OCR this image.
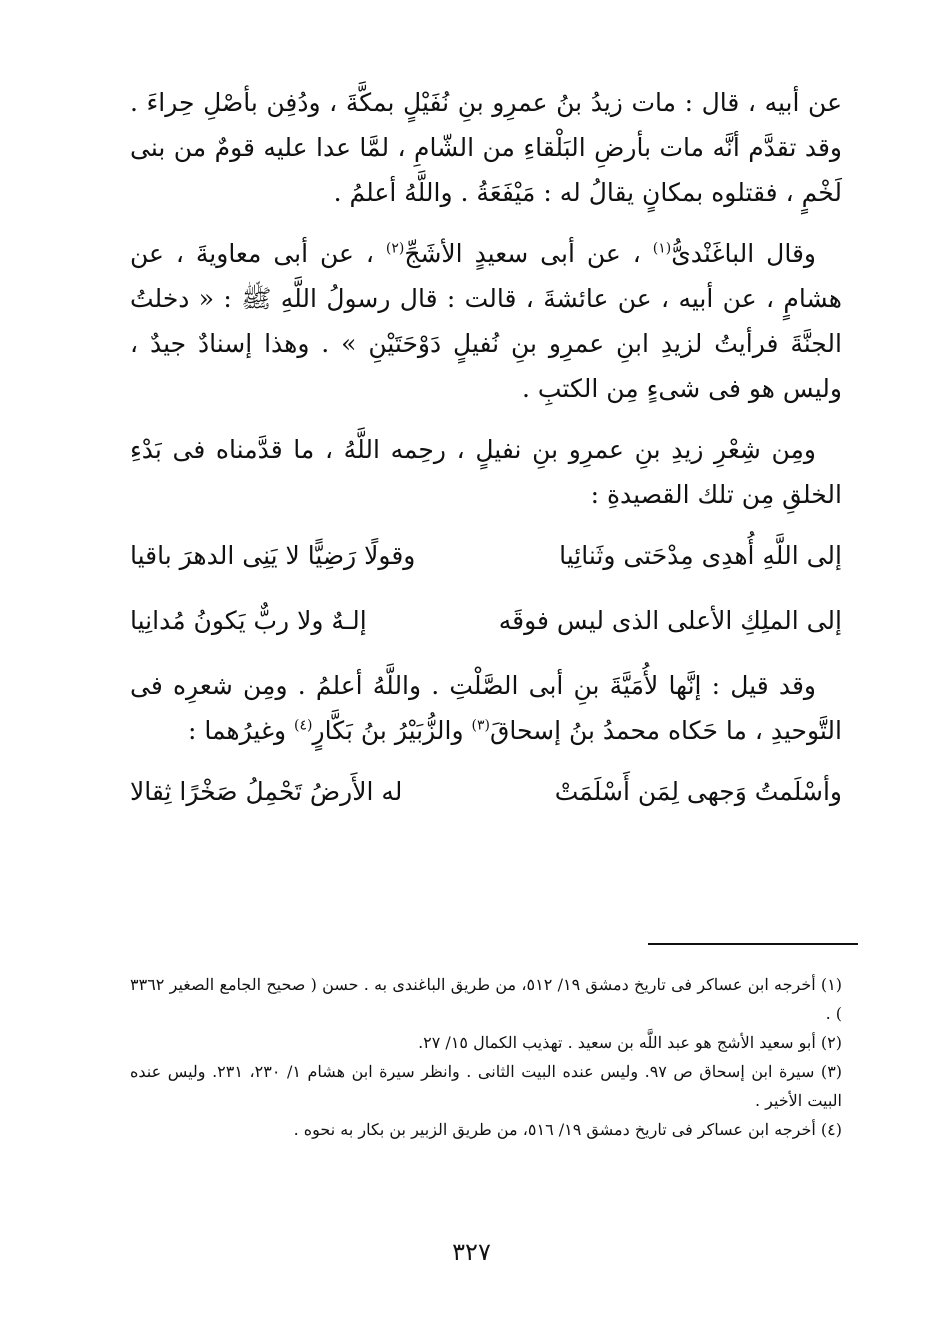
عن أبيه ، قال : مات زيدُ بنُ عمرِو بنِ نُفَيْلٍ بمكَّةَ ، ودُفِن بأصْلِ حِراءَ . وقد تقدَّم أنَّه مات بأرضِ البَلْقاءِ من الشّامِ ، لمَّا عدا عليه قومٌ من بنى لَخْمٍ ، فقتلوه بمكانٍ يقالُ له : مَيْفَعَةُ . واللَّهُ أعلمُ .

وقال الباغَنْدىُّ$^{(١)}$ ، عن أبى سعيدٍ الأشَجِّ$^{(٢)}$ ، عن أبى معاويةَ ، عن هشامٍ ، عن أبيه ، عن عائشةَ ، قالت : قال رسولُ اللَّهِ ﷺ : « دخلتُ الجنَّةَ فرأيتُ لزيدِ ابنِ عمرِو بنِ نُفيلٍ دَوْحَتَيْنِ » . وهذا إسنادٌ جيدٌ ، وليس هو فى شىءٍ مِن الكتبِ .

ومِن شِعْرِ زيدِ بنِ عمرِو بنِ نفيلٍ ، رحِمه اللَّهُ ، ما قدَّمناه فى بَدْءِ الخلقِ مِن تلك القصيدةِ :

إلى اللَّهِ أُهدِى مِدْحَتى وثَنائِيا
وقولًا رَضِيًّا لا يَنِى الدهرَ باقيا
إلى الملِكِ الأعلى الذى ليس فوقَه
إلـهٌ ولا ربٌّ يَكونُ مُدانِيا

وقد قيل : إنَّها لأُمَيَّةَ بنِ أبى الصَّلْتِ . واللَّهُ أعلمُ . ومِن شعرِه فى التَّوحيدِ ، ما حَكاه محمدُ بنُ إسحاقَ$^{(٣)}$ والزُّبَيْرُ بنُ بَكَّارٍ$^{(٤)}$ وغيرُهما :

وأسْلَمتُ وَجهى لِمَن أَسْلَمَتْ
له الأَرضُ تَحْمِلُ صَخْرًا ثِقالا

(١) أخرجه ابن عساكر فى تاريخ دمشق ١٩/ ٥١٢، من طريق الباغندى به . حسن ( صحيح الجامع الصغير ٣٣٦٢ ) .

(٢) أبو سعيد الأشج هو عبد اللَّه بن سعيد . تهذيب الكمال ١٥/ ٢٧.

(٣) سيرة ابن إسحاق ص ٩٧. وليس عنده البيت الثانى . وانظر سيرة ابن هشام ١/ ٢٣٠، ٢٣١. وليس عنده البيت الأخير .

(٤) أخرجه ابن عساكر فى تاريخ دمشق ١٩/ ٥١٦، من طريق الزبير بن بكار به نحوه .

٣٢٧
